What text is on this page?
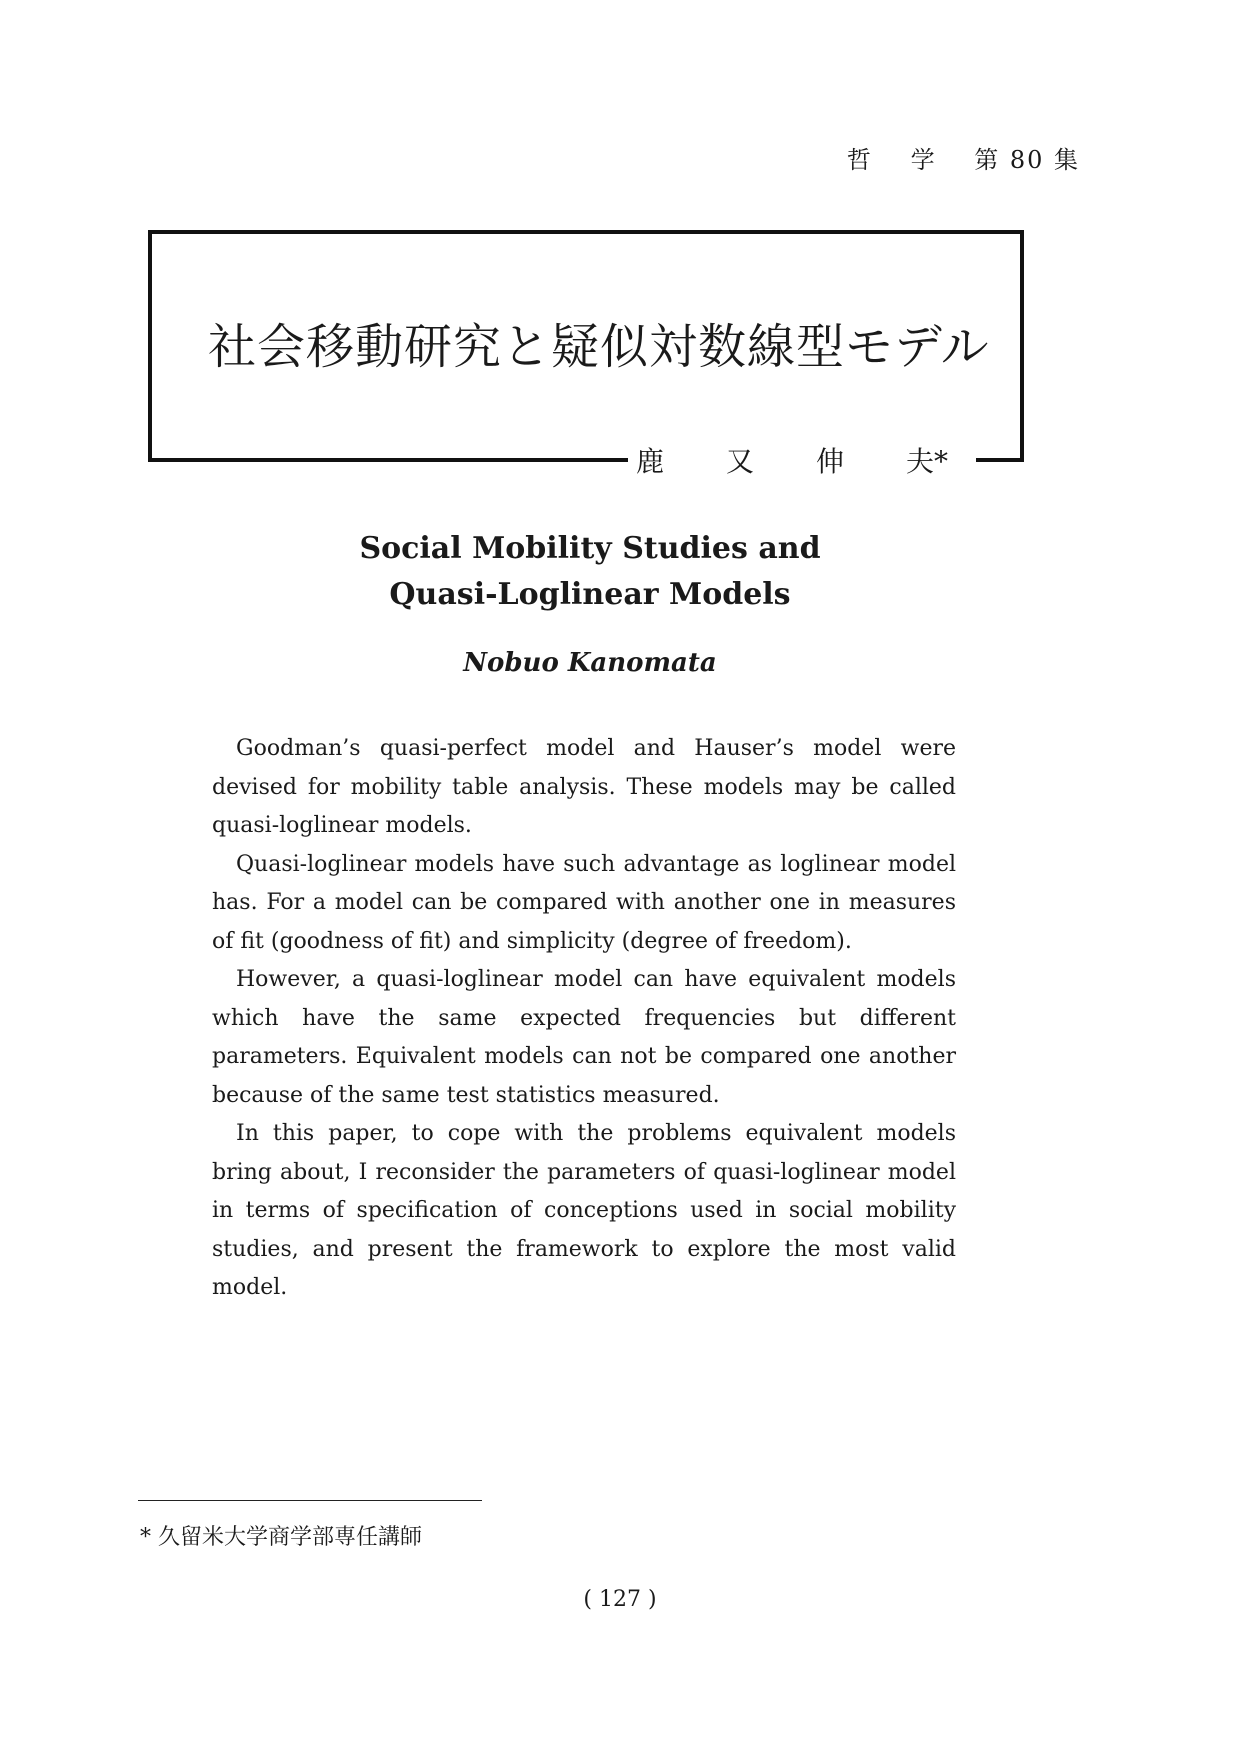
哲 学 第 80 集
社会移動研究と疑似対数線型モデル
鹿 又 伸 夫*
Social Mobility Studies and
Quasi-Loglinear Models
Nobuo Kanomata

Goodman’s quasi-perfect model and Hauser’s model were devised for mobility table analysis. These models may be called quasi-loglinear models.

Quasi-loglinear models have such advantage as loglinear model has. For a model can be compared with another one in measures of fit (goodness of fit) and simplicity (degree of freedom).

However, a quasi-loglinear model can have equivalent models which have the same expected frequencies but different parameters. Equivalent models can not be compared one another because of the same test statistics measured.

In this paper, to cope with the problems equivalent models bring about, I reconsider the parameters of quasi-loglinear model in terms of specification of conceptions used in social mobility studies, and present the framework to explore the most valid model.

* 久留米大学商学部専任講師
( 127 )
